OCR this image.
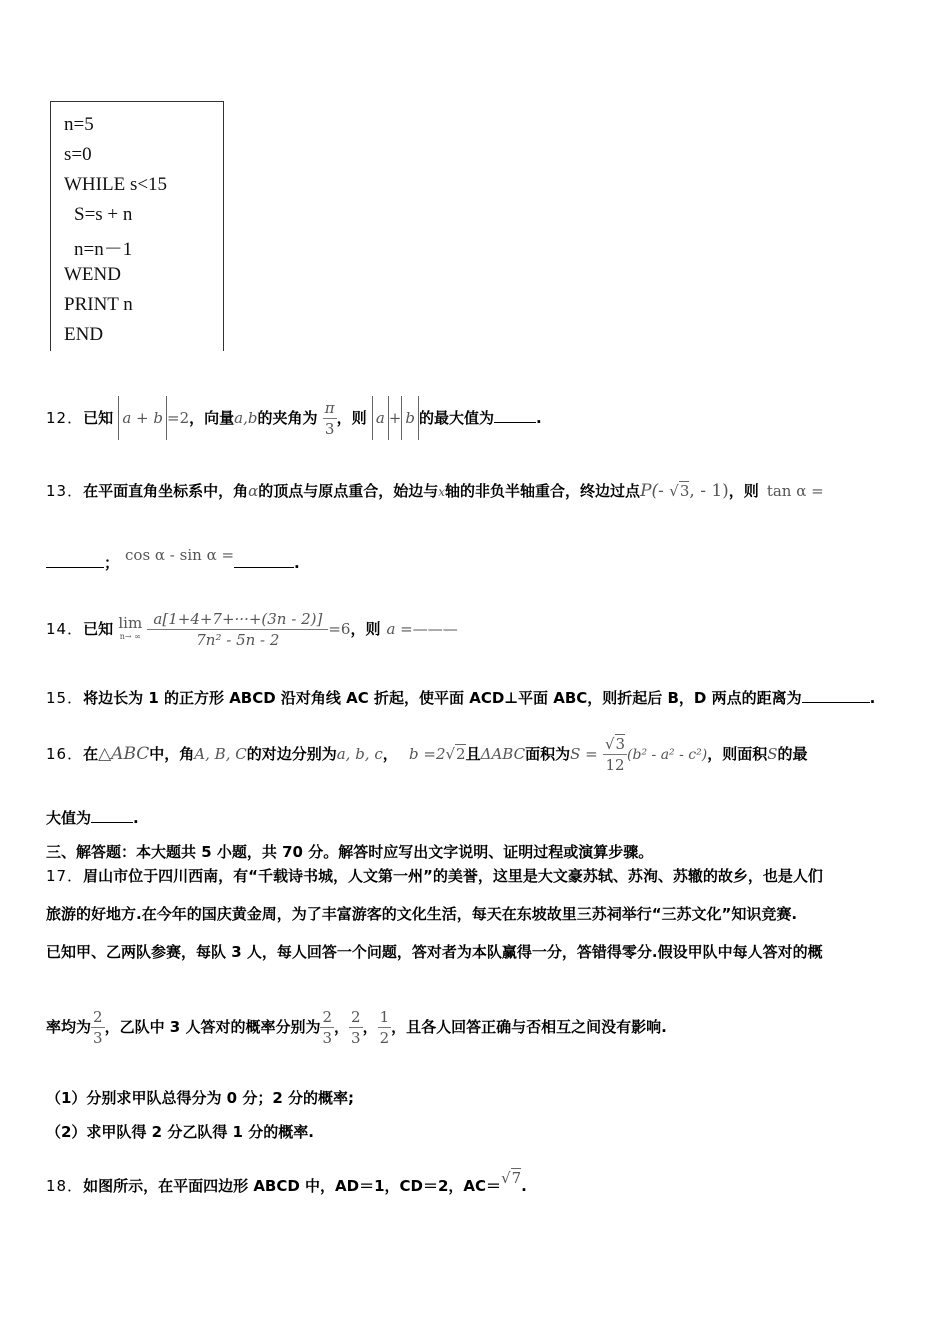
n=5
s=0
WHILE s<15
S=s + n
n=n－1
WEND
PRINT n
END
12．已知 a + b =2，向量a,b的夹角为 $\frac{\pi}{3}$ ，则 a + b 的最大值为	.
13．在平面直角坐标系中，角α的顶点与原点重合，始边与x轴的非负半轴重合，终边过点P(- √3, - 1)，则 tan α =
； cos α - sin α =	.
14．已知 lim
n→ ∞
$\frac{a[1+4+7+\cdot\cdot\cdot+(3n - 2)]}{\text{7n² - 5n - 2}} =6$，则 a =———
15．将边长为 1 的正方形 ABCD 沿对角线 AC 折起，使平面 ACD⊥平面 ABC，则折起后 B，D 两点的距离为	.
16．在△ABC中，角A, B, C的对边分别为a, b, c， b =2√2且ΔABC面积为$S = \frac{√3}{12} (b^2 - a^2 - c^2)$，则面积S的最
大值为	.
三、解答题：本大题共 5 小题，共 70 分。解答时应写出文字说明、证明过程或演算步骤。
17．眉山市位于四川西南，有“千载诗书城，人文第一州”的美誉，这里是大文豪苏轼、苏洵、苏辙的故乡，也是人们
旅游的好地方.在今年的国庆黄金周，为了丰富游客的文化生活，每天在东坡故里三苏祠举行“三苏文化”知识竞赛.
已知甲、乙两队参赛，每队 3 人，每人回答一个问题，答对者为本队赢得一分，答错得零分.假设甲队中每人答对的概
率均为 $\frac{2}{3}$ ，乙队中 3 人答对的概率分别为 $\frac{2}{3}$ ， $\frac{2}{3}$ ， $\frac{1}{2}$ ，且各人回答正确与否相互之间没有影响.
（1）分别求甲队总得分为 0 分；2 分的概率;
（2）求甲队得 2 分乙队得 1 分的概率.
18．如图所示，在平面四边形 ABCD 中，AD＝1，CD＝2，AC＝√7.
